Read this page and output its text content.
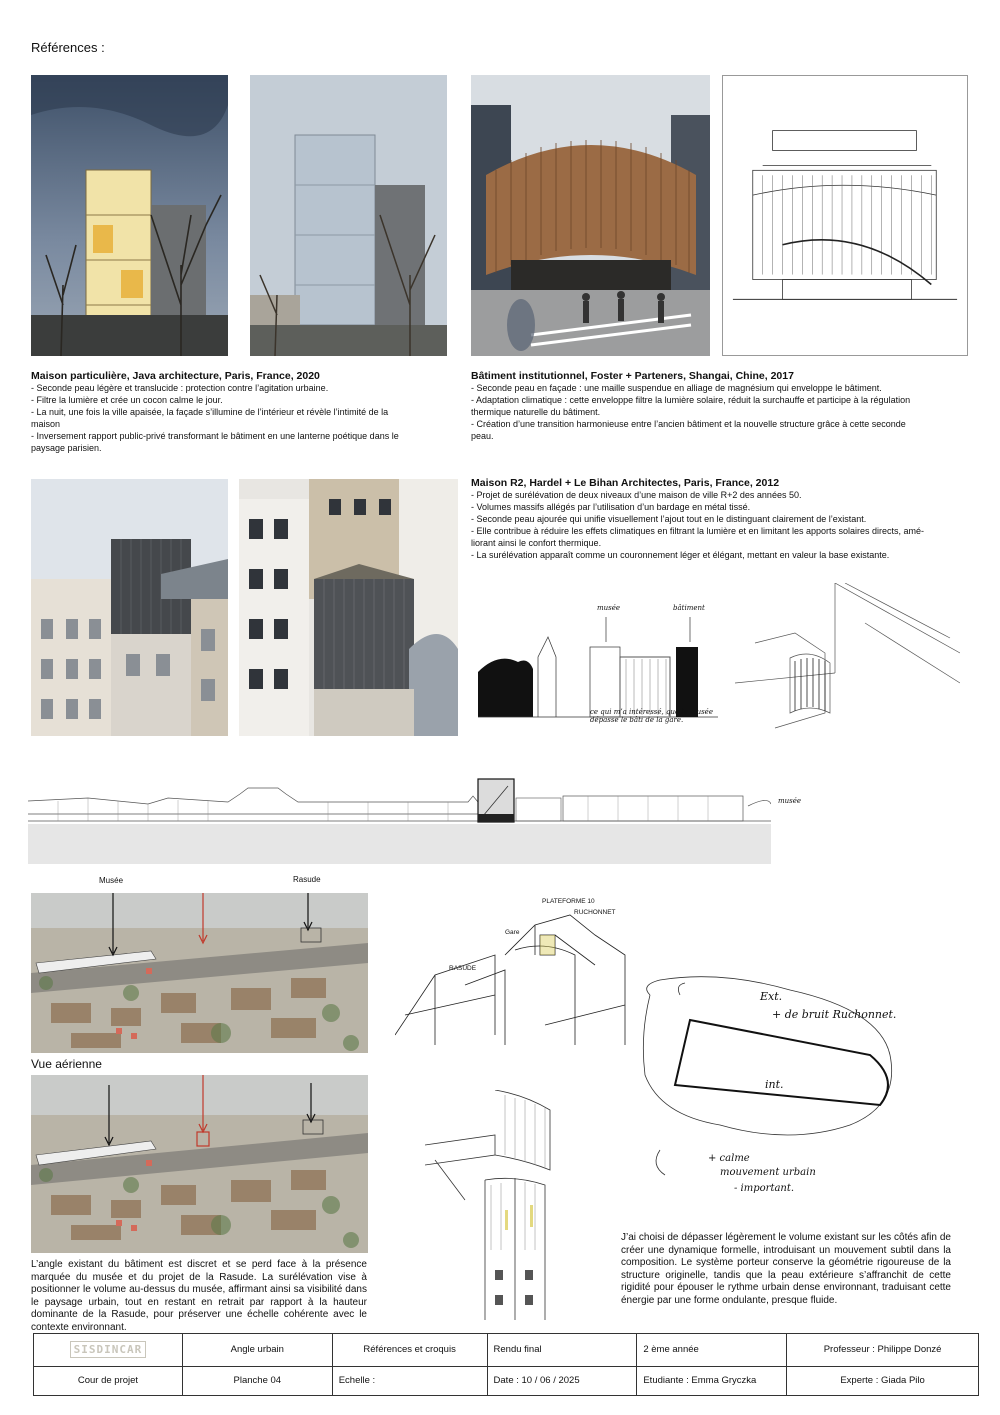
Références :
Maison particulière, Java architecture, Paris, France, 2020
- Seconde peau légère et translucide : protection contre l’agitation urbaine.
- Filtre la lumière et crée un cocon calme le jour.
- La nuit, une fois la ville apaisée, la façade s’illumine de l’intérieur et révèle l’intimité de la
maison
- Inversement rapport public-privé transformant le bâtiment en une lanterne poétique dans le
paysage parisien.
Bâtiment institutionnel, Foster + Parteners, Shangai, Chine, 2017
- Seconde peau en façade : une maille suspendue en alliage de magnésium qui enveloppe le bâtiment.
- Adaptation climatique : cette enveloppe filtre la lumière solaire, réduit la surchauffe et participe à la régulation
thermique naturelle du bâtiment.
- Création d’une transition harmonieuse entre l’ancien bâtiment et la nouvelle structure grâce à cette seconde
peau.
Maison R2, Hardel + Le Bihan Architectes, Paris, France, 2012
- Projet de surélévation de deux niveaux d’une maison de ville R+2 des années 50.
- Volumes massifs allégés par l’utilisation d’un bardage en métal tissé.
- Seconde peau ajourée qui unifie visuellement l’ajout tout en le distinguant clairement de l’existant.
- Elle contribue à réduire les effets climatiques en filtrant la lumière et en limitant les apports solaires directs, amé-
liorant ainsi le confort thermique.
- La surélévation apparaît comme un couronnement léger et élégant, mettant en valeur la base existante.
musée	bâtiment
ce qui m’a intéressé, que le musée dépasse le bâti de la gare.
musée
Musée	Rasude
Vue aérienne
PLATEFORME 10
RUCHONNET
Gare
RASUDE
Ext.
+ de bruit Ruchonnet.
int.
+ calme
mouvement urbain
- important.
L’angle existant du bâtiment est discret et se perd face à la présence marquée du musée et du projet de la Rasude. La surélévation vise à positionner le volume au-dessus du musée, affirmant ainsi sa visibilité dans le paysage urbain, tout en restant en retrait par rapport à la hauteur dominante de la Rasude, pour préserver une échelle cohérente avec le contexte environnant.
J’ai choisi de dépasser légèrement le volume existant sur les côtés afin de créer une dynamique formelle, introduisant un mouvement subtil dans la composition. Le système porteur conserve la géométrie rigoureuse de la structure originelle, tandis que la peau extérieure s’affranchit de cette rigidité pour épouser le rythme urbain dense environnant, traduisant cette énergie par une forme ondulante, presque fluide.
SISDINCAR	Angle urbain	Références et croquis	Rendu final	2 ème année	Professeur : Philippe Donzé
Cour de projet	Planche 04	Echelle :	Date : 10 / 06 / 2025	Etudiante : Emma Gryczka	Experte : Giada Pilo
